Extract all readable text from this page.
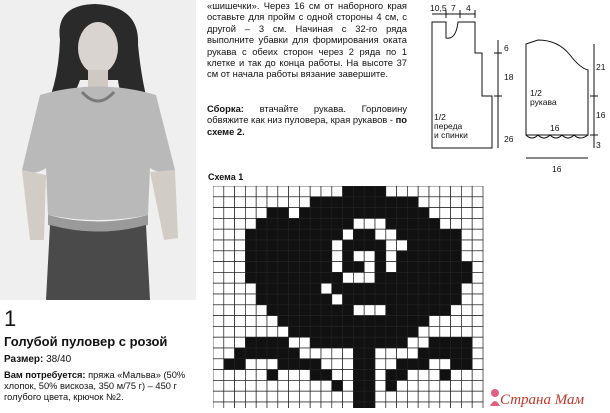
1
Голубой пуловер с розой
Размер: 38/40
Вам потребуется: пряжа «Мальва» (50% хлопок, 50% вискоза, 350 м/75 г) – 450 г голубого цвета, крючок №2.
«шишечки». Через 16 см от наборного края оставьте для пройм с одной стороны 4 см, с другой – 3 см. Начиная с 32-го ряда выполните убавки для формирования оката рукава с обеих сторон через 2 ряда по 1 клетке и так до конца работы. На высоте 37 см от начала работы вязание завершите.
Сборка: втачайте рукава. Горловину обвяжите как низ пуловера, края рукавов - по схеме 2.
Схема 1
10,5 7 4
6
18
26
1/2
переда
и спинки
1/2
рукава
21
16
3
16
16
Страна Мам
